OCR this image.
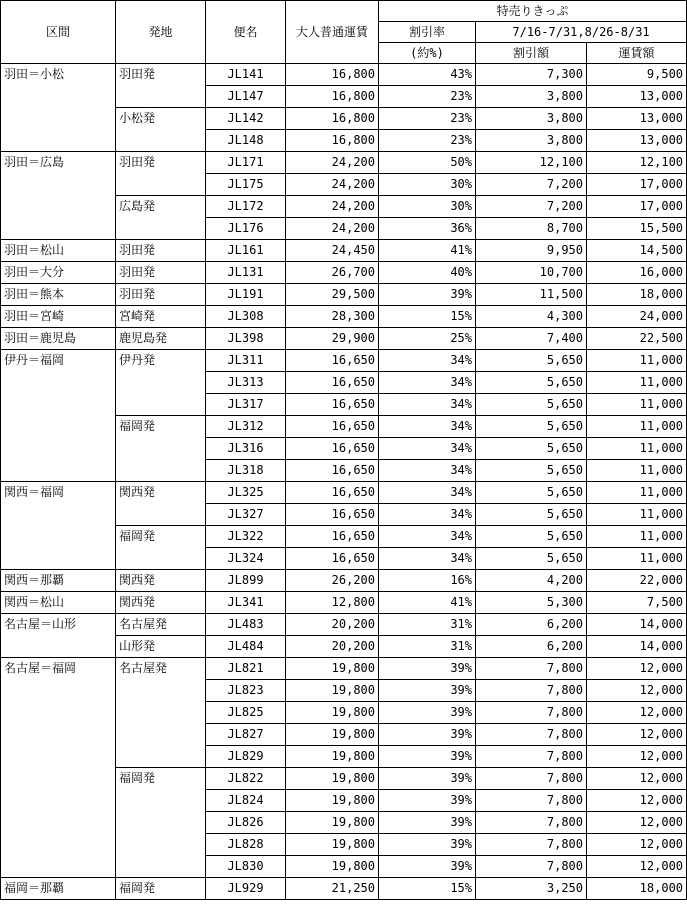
区間	発地	便名	大人普通運賃	特売りきっぷ		
				割引率	7/16-7/31,8/26-8/31	
				(約%)	割引額	運賃額
羽田＝小松	羽田発	JL141	16,800	43%	7,300	9,500
		JL147	16,800	23%	3,800	13,000
	小松発	JL142	16,800	23%	3,800	13,000
		JL148	16,800	23%	3,800	13,000
羽田＝広島	羽田発	JL171	24,200	50%	12,100	12,100
		JL175	24,200	30%	7,200	17,000
	広島発	JL172	24,200	30%	7,200	17,000
		JL176	24,200	36%	8,700	15,500
羽田＝松山	羽田発	JL161	24,450	41%	9,950	14,500
羽田＝大分	羽田発	JL131	26,700	40%	10,700	16,000
羽田＝熊本	羽田発	JL191	29,500	39%	11,500	18,000
羽田＝宮崎	宮崎発	JL308	28,300	15%	4,300	24,000
羽田＝鹿児島	鹿児島発	JL398	29,900	25%	7,400	22,500
伊丹＝福岡	伊丹発	JL311	16,650	34%	5,650	11,000
		JL313	16,650	34%	5,650	11,000
		JL317	16,650	34%	5,650	11,000
	福岡発	JL312	16,650	34%	5,650	11,000
		JL316	16,650	34%	5,650	11,000
		JL318	16,650	34%	5,650	11,000
関西＝福岡	関西発	JL325	16,650	34%	5,650	11,000
		JL327	16,650	34%	5,650	11,000
	福岡発	JL322	16,650	34%	5,650	11,000
		JL324	16,650	34%	5,650	11,000
関西＝那覇	関西発	JL899	26,200	16%	4,200	22,000
関西＝松山	関西発	JL341	12,800	41%	5,300	7,500
名古屋＝山形	名古屋発	JL483	20,200	31%	6,200	14,000
	山形発	JL484	20,200	31%	6,200	14,000
名古屋＝福岡	名古屋発	JL821	19,800	39%	7,800	12,000
		JL823	19,800	39%	7,800	12,000
		JL825	19,800	39%	7,800	12,000
		JL827	19,800	39%	7,800	12,000
		JL829	19,800	39%	7,800	12,000
	福岡発	JL822	19,800	39%	7,800	12,000
		JL824	19,800	39%	7,800	12,000
		JL826	19,800	39%	7,800	12,000
		JL828	19,800	39%	7,800	12,000
		JL830	19,800	39%	7,800	12,000
福岡＝那覇	福岡発	JL929	21,250	15%	3,250	18,000
